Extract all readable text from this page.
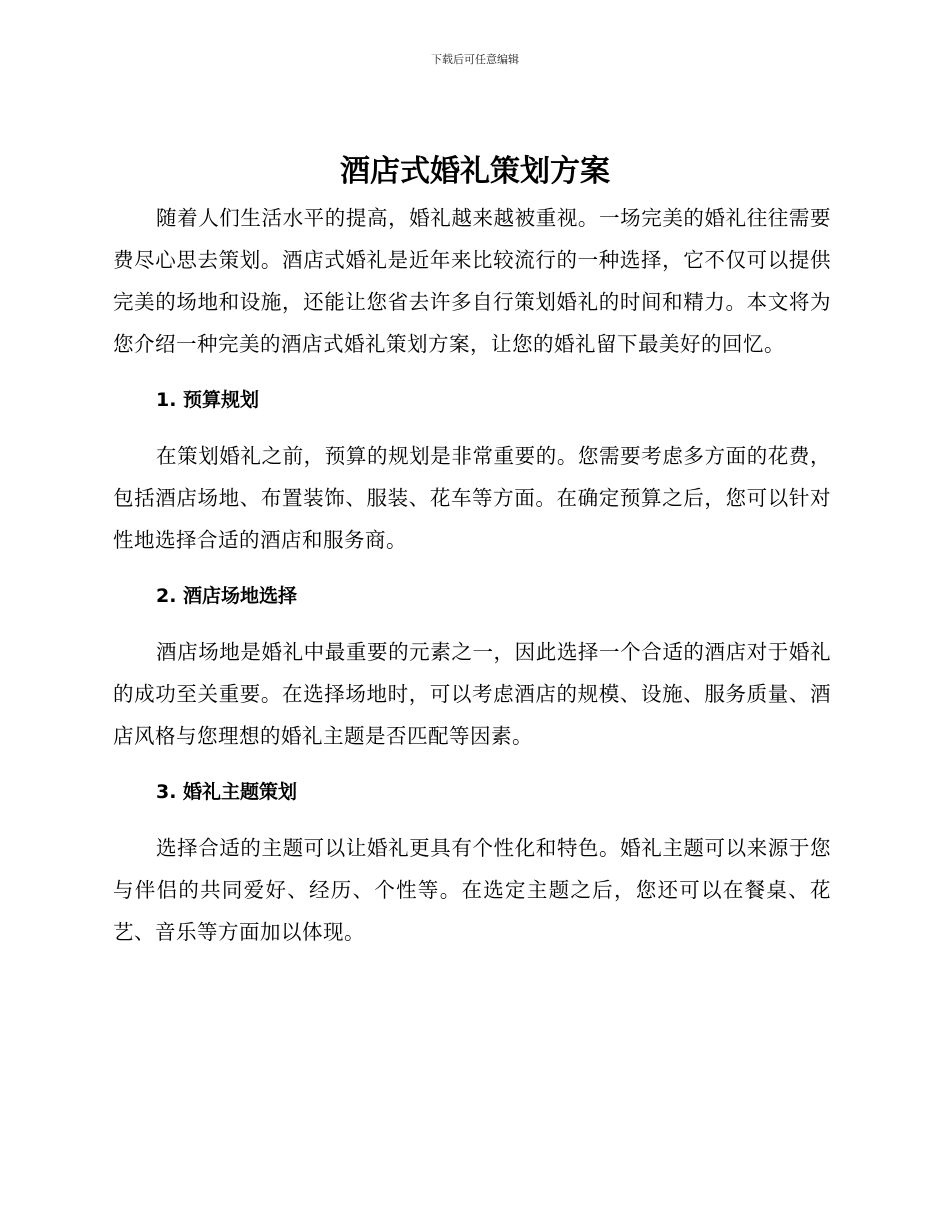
下载后可任意编辑
酒店式婚礼策划方案

随着人们生活水平的提高，婚礼越来越被重视。一场完美的婚礼往往需要费尽心思去策划。酒店式婚礼是近年来比较流行的一种选择，它不仅可以提供完美的场地和设施，还能让您省去许多自行策划婚礼的时间和精力。本文将为您介绍一种完美的酒店式婚礼策划方案，让您的婚礼留下最美好的回忆。

1. 预算规划

在策划婚礼之前，预算的规划是非常重要的。您需要考虑多方面的花费，包括酒店场地、布置装饰、服装、花车等方面。在确定预算之后，您可以针对性地选择合适的酒店和服务商。

2. 酒店场地选择

酒店场地是婚礼中最重要的元素之一，因此选择一个合适的酒店对于婚礼的成功至关重要。在选择场地时，可以考虑酒店的规模、设施、服务质量、酒店风格与您理想的婚礼主题是否匹配等因素。

3. 婚礼主题策划

选择合适的主题可以让婚礼更具有个性化和特色。婚礼主题可以来源于您与伴侣的共同爱好、经历、个性等。在选定主题之后，您还可以在餐桌、花艺、音乐等方面加以体现。
